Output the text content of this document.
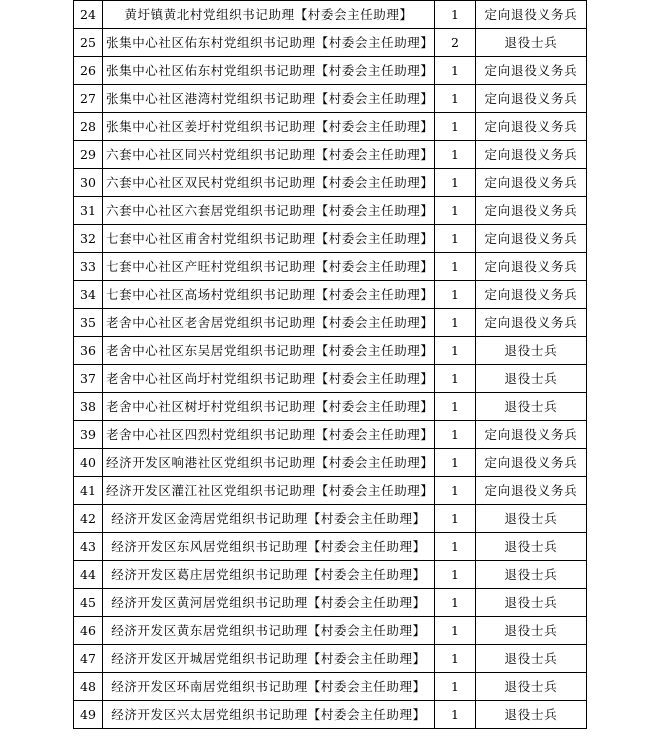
24	黄圩镇黄北村党组织书记助理【村委会主任助理】	1	定向退役义务兵
25	张集中心社区佑东村党组织书记助理【村委会主任助理】	2	退役士兵
26	张集中心社区佑东村党组织书记助理【村委会主任助理】	1	定向退役义务兵
27	张集中心社区港湾村党组织书记助理【村委会主任助理】	1	定向退役义务兵
28	张集中心社区姜圩村党组织书记助理【村委会主任助理】	1	定向退役义务兵
29	六套中心社区同兴村党组织书记助理【村委会主任助理】	1	定向退役义务兵
30	六套中心社区双民村党组织书记助理【村委会主任助理】	1	定向退役义务兵
31	六套中心社区六套居党组织书记助理【村委会主任助理】	1	定向退役义务兵
32	七套中心社区甫舍村党组织书记助理【村委会主任助理】	1	定向退役义务兵
33	七套中心社区产旺村党组织书记助理【村委会主任助理】	1	定向退役义务兵
34	七套中心社区高场村党组织书记助理【村委会主任助理】	1	定向退役义务兵
35	老舍中心社区老舍居党组织书记助理【村委会主任助理】	1	定向退役义务兵
36	老舍中心社区东吴居党组织书记助理【村委会主任助理】	1	退役士兵
37	老舍中心社区尚圩村党组织书记助理【村委会主任助理】	1	退役士兵
38	老舍中心社区树圩村党组织书记助理【村委会主任助理】	1	退役士兵
39	老舍中心社区四烈村党组织书记助理【村委会主任助理】	1	定向退役义务兵
40	经济开发区响港社区党组织书记助理【村委会主任助理】	1	定向退役义务兵
41	经济开发区灌江社区党组织书记助理【村委会主任助理】	1	定向退役义务兵
42	经济开发区金湾居党组织书记助理【村委会主任助理】	1	退役士兵
43	经济开发区东风居党组织书记助理【村委会主任助理】	1	退役士兵
44	经济开发区葛庄居党组织书记助理【村委会主任助理】	1	退役士兵
45	经济开发区黄河居党组织书记助理【村委会主任助理】	1	退役士兵
46	经济开发区黄东居党组织书记助理【村委会主任助理】	1	退役士兵
47	经济开发区开城居党组织书记助理【村委会主任助理】	1	退役士兵
48	经济开发区环南居党组织书记助理【村委会主任助理】	1	退役士兵
49	经济开发区兴太居党组织书记助理【村委会主任助理】	1	退役士兵
